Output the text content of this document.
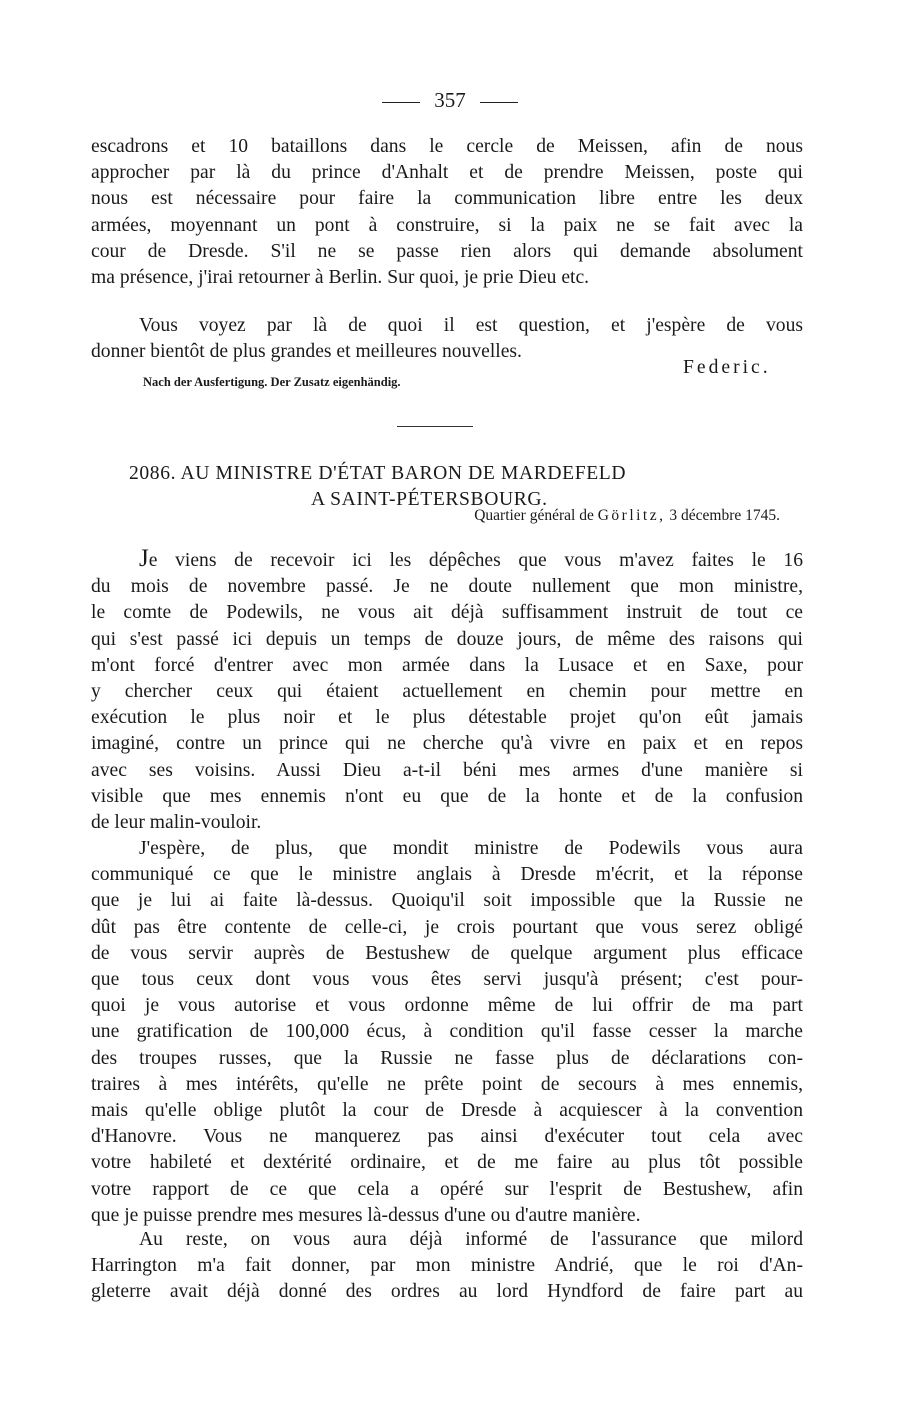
357

escadrons et 10 bataillons dans le cercle de Meissen, afin de nous

approcher par là du prince d'Anhalt et de prendre Meissen, poste qui

nous est nécessaire pour faire la communication libre entre les deux

armées, moyennant un pont à construire, si la paix ne se fait avec la

cour de Dresde. S'il ne se passe rien alors qui demande absolument

ma présence, j'irai retourner à Berlin. Sur quoi, je prie Dieu etc.

Vous voyez par là de quoi il est question, et j'espère de vous

donner bientôt de plus grandes et meilleures nouvelles.

Federic.
Nach der Ausfertigung. Der Zusatz eigenhändig.
2086. AU MINISTRE D'ÉTAT BARON DE MARDEFELD
A SAINT-PÉTERSBOURG.
Quartier général de Görlitz, 3 décembre 1745.

Je viens de recevoir ici les dépêches que vous m'avez faites le 16

du mois de novembre passé. Je ne doute nullement que mon ministre,

le comte de Podewils, ne vous ait déjà suffisamment instruit de tout ce

qui s'est passé ici depuis un temps de douze jours, de même des raisons qui

m'ont forcé d'entrer avec mon armée dans la Lusace et en Saxe, pour

y chercher ceux qui étaient actuellement en chemin pour mettre en

exécution le plus noir et le plus détestable projet qu'on eût jamais

imaginé, contre un prince qui ne cherche qu'à vivre en paix et en repos

avec ses voisins. Aussi Dieu a-t-il béni mes armes d'une manière si

visible que mes ennemis n'ont eu que de la honte et de la confusion

de leur malin-vouloir.

J'espère, de plus, que mondit ministre de Podewils vous aura

communiqué ce que le ministre anglais à Dresde m'écrit, et la réponse

que je lui ai faite là-dessus. Quoiqu'il soit impossible que la Russie ne

dût pas être contente de celle-ci, je crois pourtant que vous serez obligé

de vous servir auprès de Bestushew de quelque argument plus efficace

que tous ceux dont vous vous êtes servi jusqu'à présent; c'est pour-

quoi je vous autorise et vous ordonne même de lui offrir de ma part

une gratification de 100,000 écus, à condition qu'il fasse cesser la marche

des troupes russes, que la Russie ne fasse plus de déclarations con-

traires à mes intérêts, qu'elle ne prête point de secours à mes ennemis,

mais qu'elle oblige plutôt la cour de Dresde à acquiescer à la convention

d'Hanovre. Vous ne manquerez pas ainsi d'exécuter tout cela avec

votre habileté et dextérité ordinaire, et de me faire au plus tôt possible

votre rapport de ce que cela a opéré sur l'esprit de Bestushew, afin

que je puisse prendre mes mesures là-dessus d'une ou d'autre manière.

Au reste, on vous aura déjà informé de l'assurance que milord

Harrington m'a fait donner, par mon ministre Andrié, que le roi d'An-

gleterre avait déjà donné des ordres au lord Hyndford de faire part au
